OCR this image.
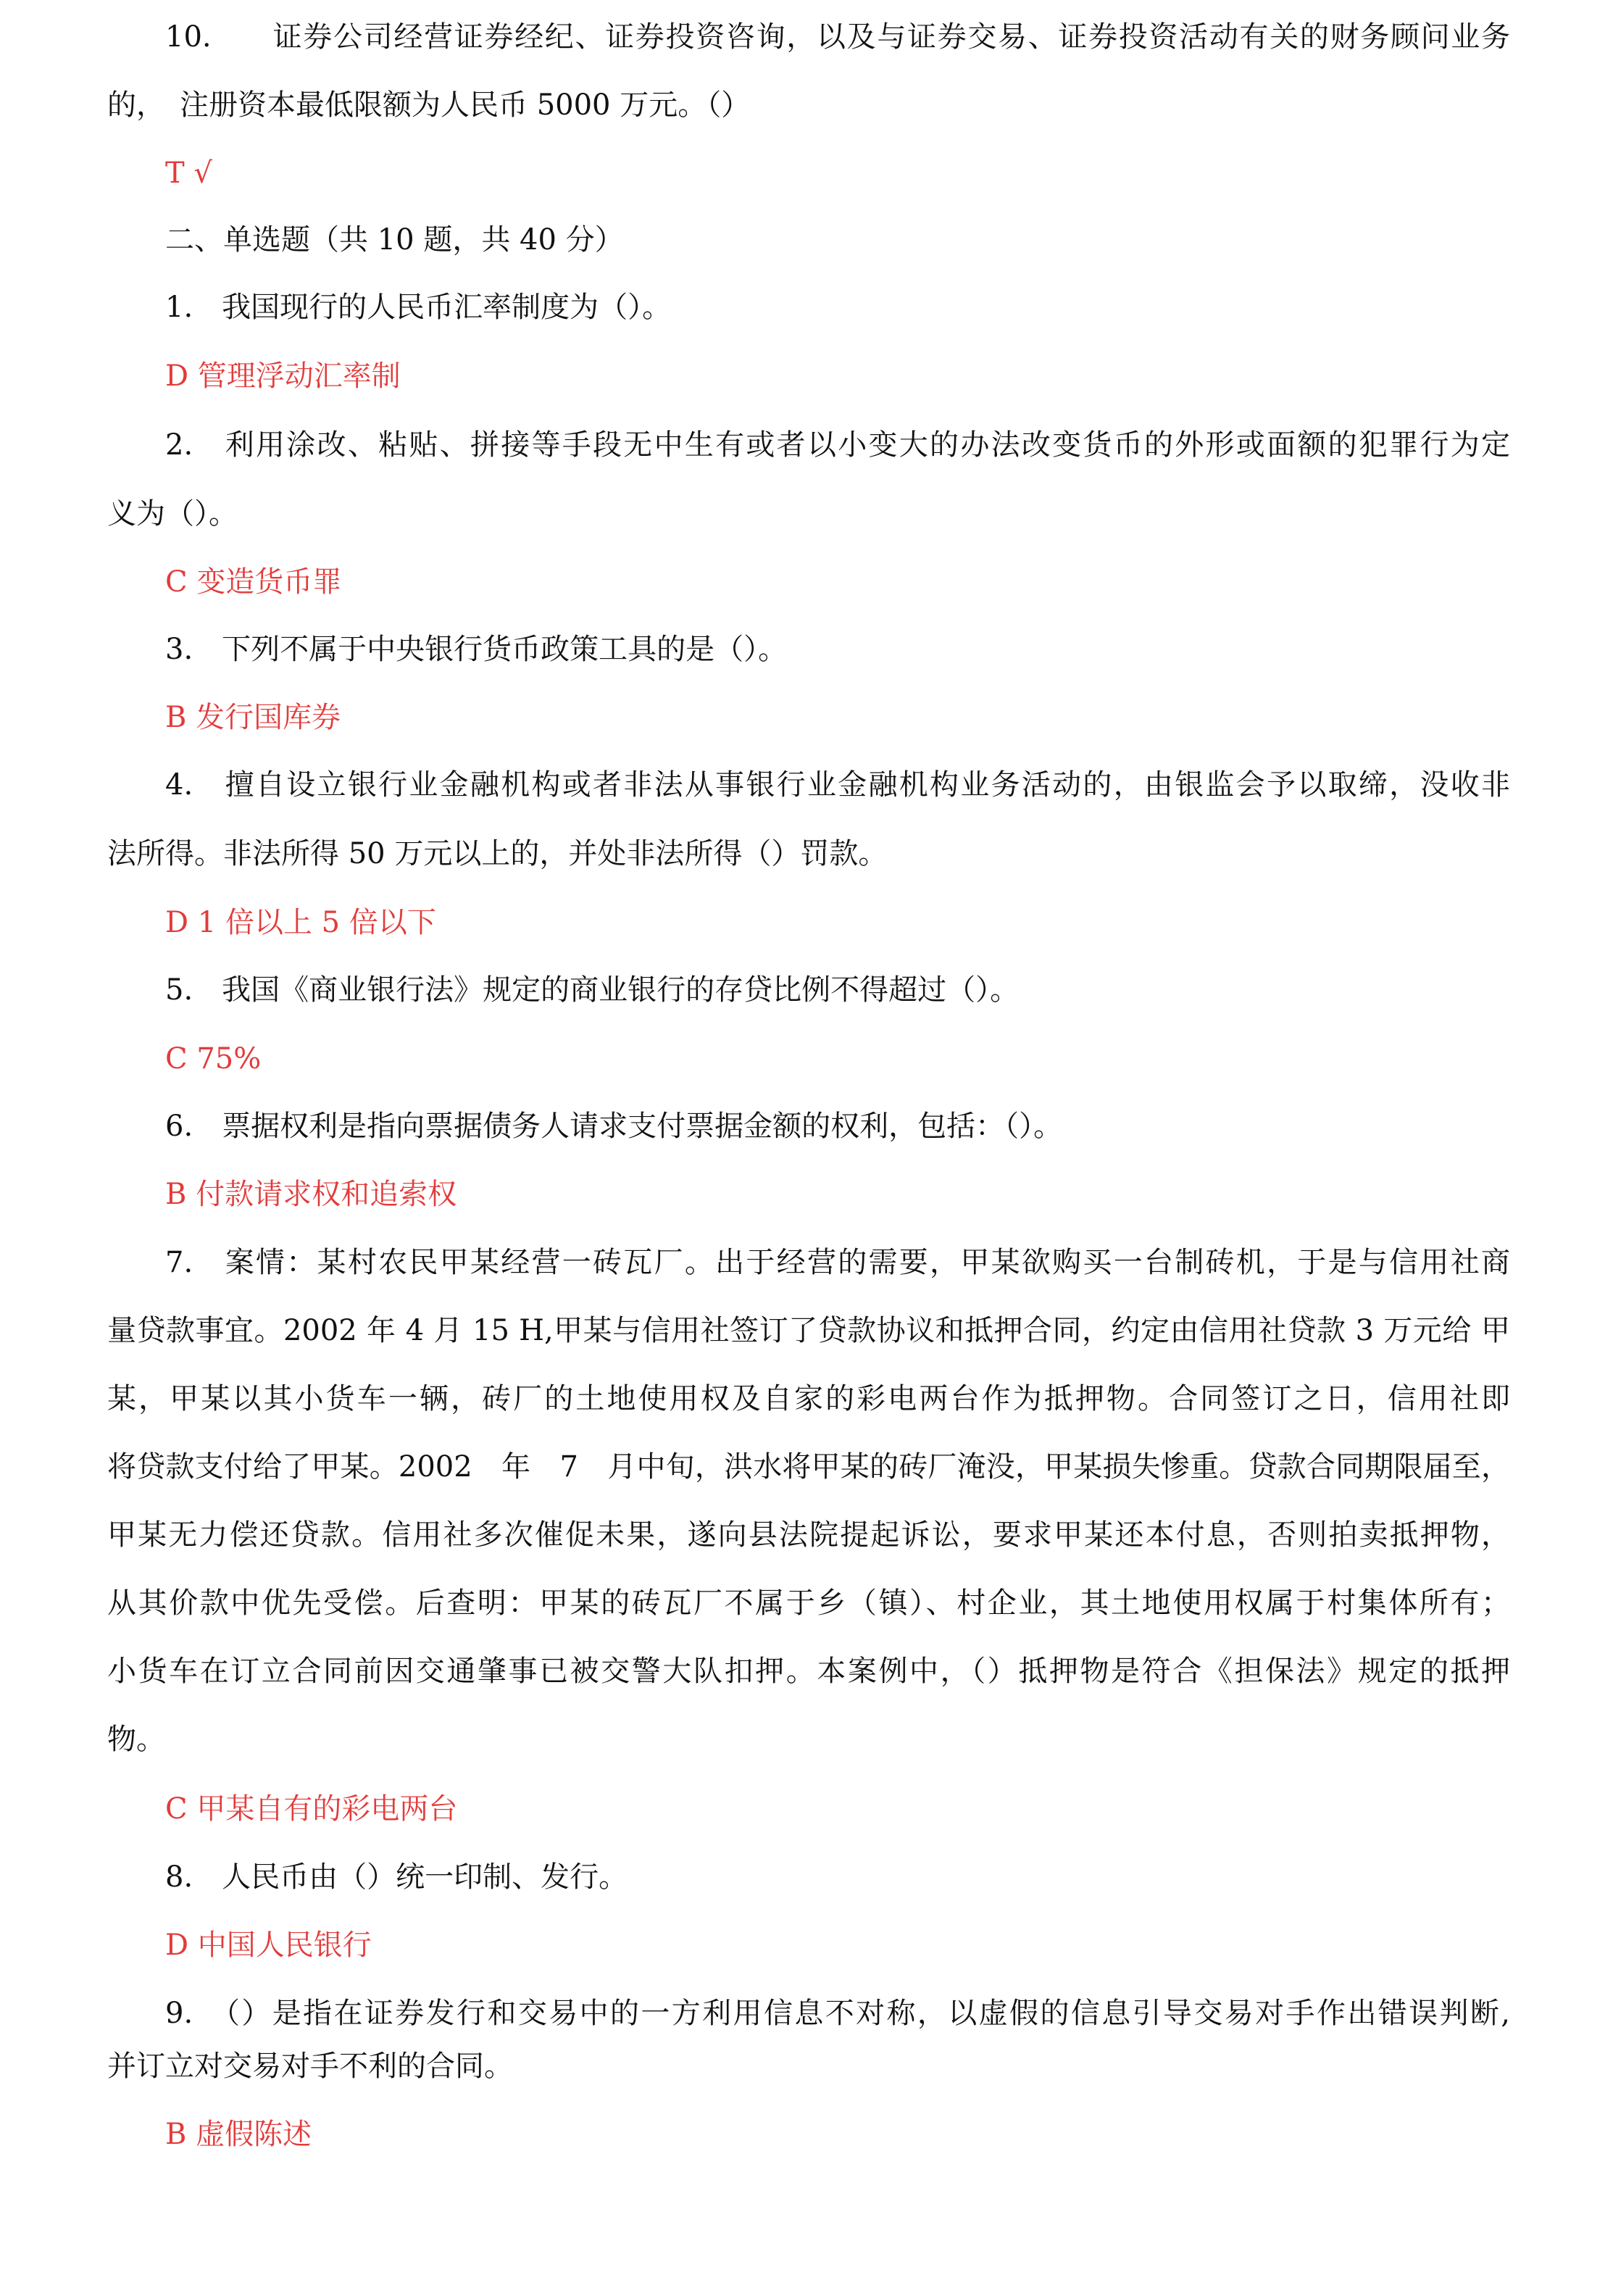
10.　　证券公司经营证券经纪、证券投资咨询，以及与证券交易、证券投资活动有关的财务顾问业务
的，　注册资本最低限额为人民币 5000 万元。（）
T √
二、单选题（共 10 题，共 40 分）
1.　我国现行的人民币汇率制度为（）。
D 管理浮动汇率制
2.　利用涂改、粘贴、拼接等手段无中生有或者以小变大的办法改变货币的外形或面额的犯罪行为定
义为（）。
C 变造货币罪
3.　下列不属于中央银行货币政策工具的是（）。
B 发行国库券
4.　擅自设立银行业金融机构或者非法从事银行业金融机构业务活动的，由银监会予以取缔，没收非
法所得。非法所得 50 万元以上的，并处非法所得（）罚款。
D 1 倍以上 5 倍以下
5.　我国《商业银行法》规定的商业银行的存贷比例不得超过（）。
C 75%
6.　票据权利是指向票据债务人请求支付票据金额的权利，包括：（）。
B 付款请求权和追索权
7.　案情：某村农民甲某经营一砖瓦厂。出于经营的需要，甲某欲购买一台制砖机，于是与信用社商
量贷款事宜。2002 年 4 月 15 H,甲某与信用社签订了贷款协议和抵押合同，约定由信用社贷款 3 万元给 甲
某，甲某以其小货车一辆，砖厂的土地使用权及自家的彩电两台作为抵押物。合同签订之日，信用社即
将贷款支付给了甲某。2002　年　7　月中旬，洪水将甲某的砖厂淹没，甲某损失惨重。贷款合同期限届至，
甲某无力偿还贷款。信用社多次催促未果，遂向县法院提起诉讼，要求甲某还本付息，否则拍卖抵押物，
从其价款中优先受偿。后查明：甲某的砖瓦厂不属于乡（镇）、村企业，其土地使用权属于村集体所有；
小货车在订立合同前因交通肇事已被交警大队扣押。本案例中，（）抵押物是符合《担保法》规定的抵押
物。
C 甲某自有的彩电两台
8.　人民币由（）统一印制、发行。
D 中国人民银行
9.　（）是指在证券发行和交易中的一方利用信息不对称，以虚假的信息引导交易对手作出错误判断,
并订立对交易对手不利的合同。
B 虚假陈述
